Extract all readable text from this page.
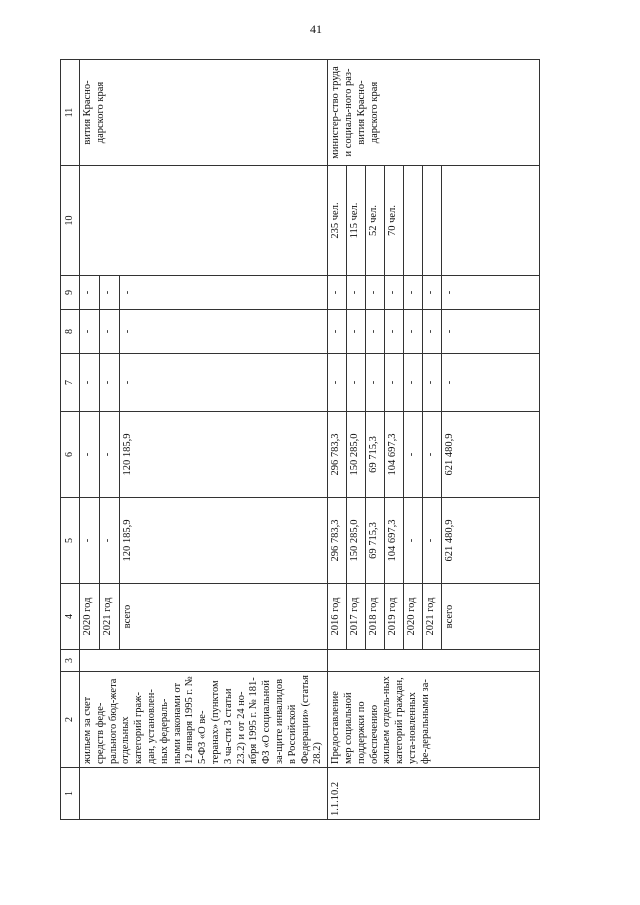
41
1	2	3	4	5	6	7	8	9	10	11
	жильем за счет средств феде-рального бюд-жета отдельных категорий граж-дан, установлен-ных федераль-ными законами от 12 января 1995 г. № 5-ФЗ «О ве-теранах» (пунктом 3 ча-сти 3 статьи 23.2) и от 24 но-ября 1995 г. № 181-ФЗ «О социальной за-щите инвалидов в Российской Федерации» (статья 28.2)		2020 год	-	-	-	-	-		вития Красно-дарского края
			2021 год	-	-	-	-	-		
			всего	120 185,9	120 185,9	-	-	-		
1.1.10.2	Предоставление мер социальной поддержки по обеспечению жильем отдель-ных категорий граждан, уста-новленных фе-деральными за-		2016 год	296 783,3	296 783,3	-	-	-	235 чел.	министер-ство труда и социаль-ного раз-вития Красно-дарского края
			2017 год	150 285,0	150 285,0	-	-	-	115 чел.	
			2018 год	69 715,3	69 715,3	-	-	-	52 чел.	
			2019 год	104 697,3	104 697,3	-	-	-	70 чел.	
			2020 год	-	-	-	-	-		
			2021 год	-	-	-	-	-		
			всего	621 480,9	621 480,9	-	-	-		
